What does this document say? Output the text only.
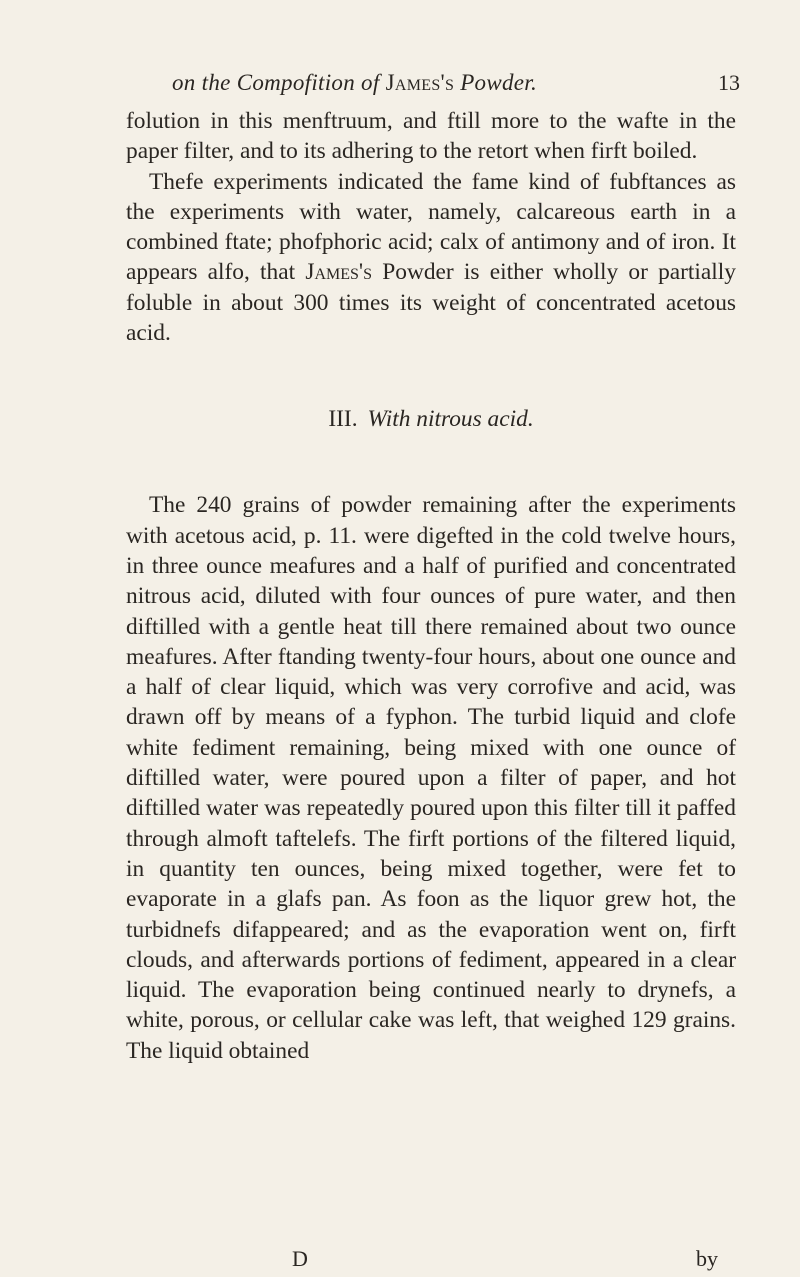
on the Compofition of James's Powder.	13

folution in this menftruum, and ftill more to the wafte in the paper filter, and to its adhering to the retort when firft boiled.

Thefe experiments indicated the fame kind of fubftances as the experiments with water, namely, calcareous earth in a combined ftate; phofphoric acid; calx of antimony and of iron. It appears alfo, that James's Powder is either wholly or partially foluble in about 300 times its weight of concentrated acetous acid.

III. With nitrous acid.

The 240 grains of powder remaining after the experiments with acetous acid, p. 11. were digefted in the cold twelve hours, in three ounce meafures and a half of purified and concentrated nitrous acid, diluted with four ounces of pure water, and then diftilled with a gentle heat till there remained about two ounce meafures. After ftanding twenty-four hours, about one ounce and a half of clear liquid, which was very corrofive and acid, was drawn off by means of a fyphon. The turbid liquid and clofe white fediment remaining, being mixed with one ounce of diftilled water, were poured upon a filter of paper, and hot diftilled water was repeatedly poured upon this filter till it paffed through almoft taftelefs. The firft portions of the filtered liquid, in quantity ten ounces, being mixed together, were fet to evaporate in a glafs pan. As foon as the liquor grew hot, the turbidnefs difappeared; and as the evaporation went on, firft clouds, and afterwards portions of fediment, appeared in a clear liquid. The evaporation being continued nearly to drynefs, a white, porous, or cellular cake was left, that weighed 129 grains. The liquid obtained

D	by
